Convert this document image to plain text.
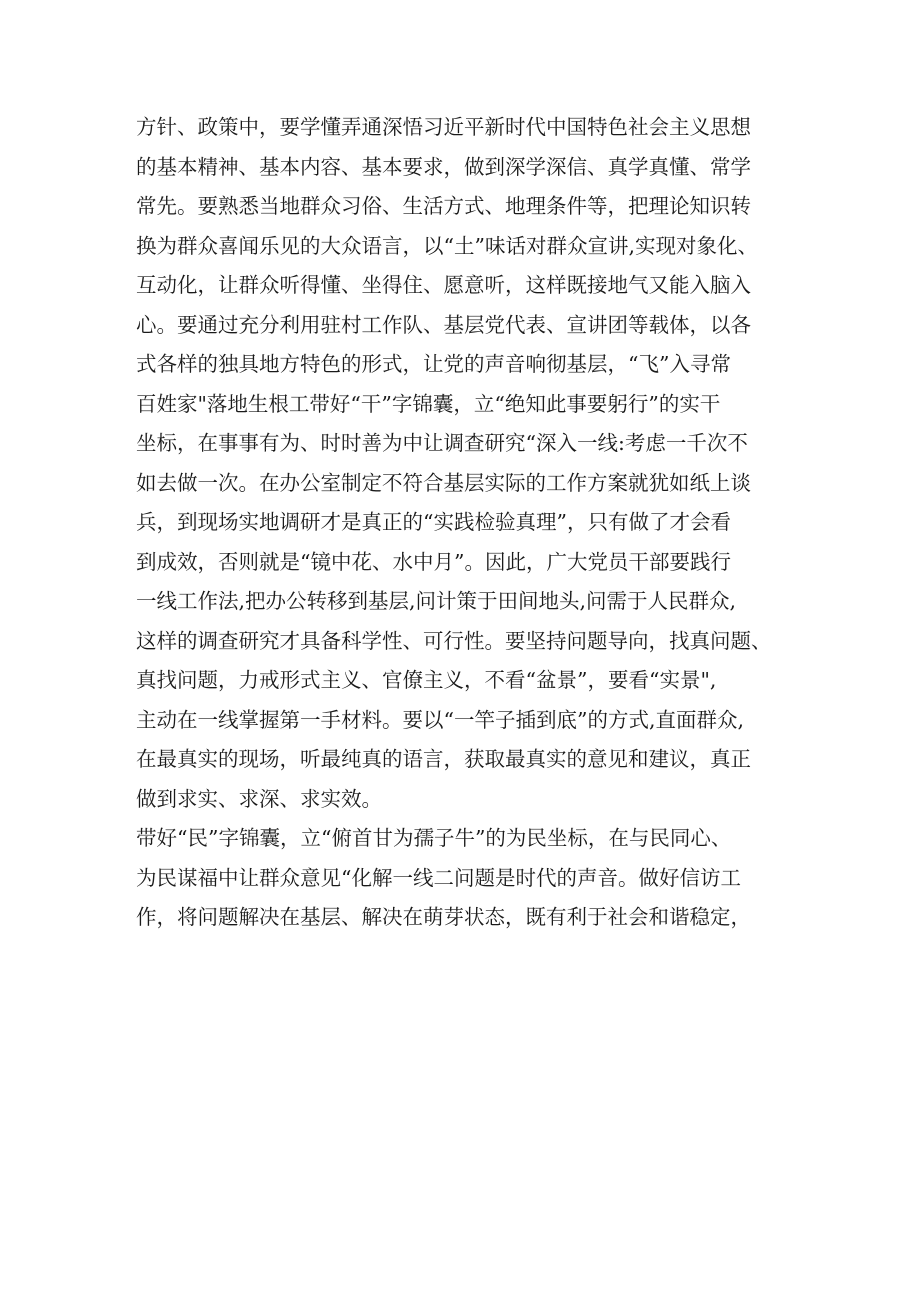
方针、政策中，要学懂弄通深悟习近平新时代中国特色社会主义思想
的基本精神、基本内容、基本要求，做到深学深信、真学真懂、常学
常先。要熟悉当地群众习俗、生活方式、地理条件等，把理论知识转
换为群众喜闻乐见的大众语言，以“土”味话对群众宣讲,实现对象化、
互动化，让群众听得懂、坐得住、愿意听，这样既接地气又能入脑入
心。要通过充分利用驻村工作队、基层党代表、宣讲团等载体，以各
式各样的独具地方特色的形式，让党的声音响彻基层，“飞”入寻常
百姓家"落地生根工带好“干”字锦囊，立“绝知此事要躬行”的实干
坐标，在事事有为、时时善为中让调查研究“深入一线:考虑一千次不
如去做一次。在办公室制定不符合基层实际的工作方案就犹如纸上谈
兵，到现场实地调研才是真正的“实践检验真理”，只有做了才会看
到成效，否则就是“镜中花、水中月”。因此，广大党员干部要践行
一线工作法,把办公转移到基层,问计策于田间地头,问需于人民群众,
这样的调查研究才具备科学性、可行性。要坚持问题导向，找真问题、
真找问题，力戒形式主义、官僚主义，不看“盆景”，要看“实景",
主动在一线掌握第一手材料。要以“一竿子插到底”的方式,直面群众,
在最真实的现场，听最纯真的语言，获取最真实的意见和建议，真正
做到求实、求深、求实效。
带好“民”字锦囊，立“俯首甘为孺子牛”的为民坐标，在与民同心、
为民谋福中让群众意见“化解一线二问题是时代的声音。做好信访工
作，将问题解决在基层、解决在萌芽状态，既有利于社会和谐稳定，
